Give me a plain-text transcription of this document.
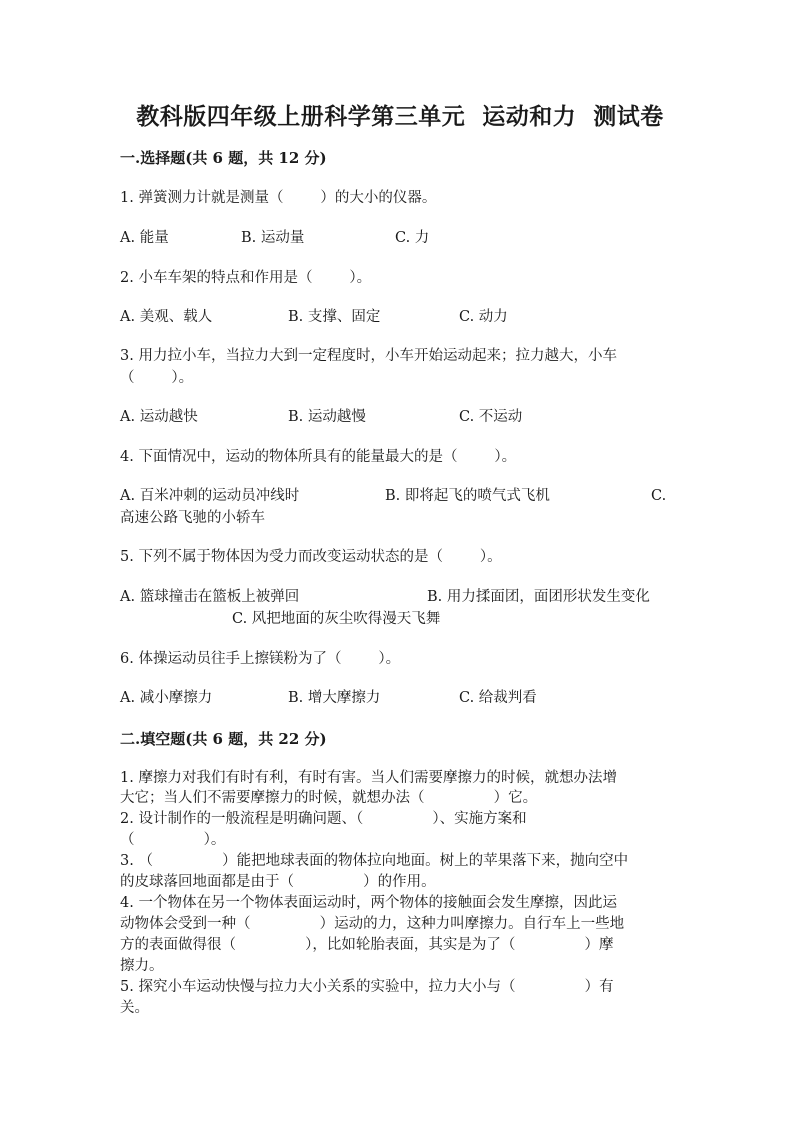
教科版四年级上册科学第三单元  运动和力  测试卷
一.选择题(共 6 题，共 12 分)
1. 弹簧测力计就是测量（        ）的大小的仪器。
A. 能量	B. 运动量	C. 力
2. 小车车架的特点和作用是（        ）。
A. 美观、载人	B. 支撑、固定	C. 动力
3. 用力拉小车，当拉力大到一定程度时，小车开始运动起来；拉力越大，小车
（        ）。
A. 运动越快	B. 运动越慢	C. 不运动
4. 下面情况中，运动的物体所具有的能量最大的是（        ）。
A. 百米冲刺的运动员冲线时	B. 即将起飞的喷气式飞机	C.
高速公路飞驰的小轿车
5. 下列不属于物体因为受力而改变运动状态的是（        ）。
A. 篮球撞击在篮板上被弹回	B. 用力揉面团，面团形状发生变化
C. 风把地面的灰尘吹得漫天飞舞
6. 体操运动员往手上擦镁粉为了（        ）。
A. 减小摩擦力	B. 增大摩擦力	C. 给裁判看
二.填空题(共 6 题，共 22 分)
1. 摩擦力对我们有时有利，有时有害。当人们需要摩擦力的时候，就想办法增
大它；当人们不需要摩擦力的时候，就想办法（               ）它。
2. 设计制作的一般流程是明确问题、（               ）、实施方案和
（               ）。
3. （               ）能把地球表面的物体拉向地面。树上的苹果落下来，抛向空中
的皮球落回地面都是由于（               ）的作用。
4. 一个物体在另一个物体表面运动时，两个物体的接触面会发生摩擦，因此运
动物体会受到一种（               ）运动的力，这种力叫摩擦力。自行车上一些地
方的表面做得很（               ），比如轮胎表面，其实是为了（               ）摩
擦力。
5. 探究小车运动快慢与拉力大小关系的实验中，拉力大小与（               ）有
关。
